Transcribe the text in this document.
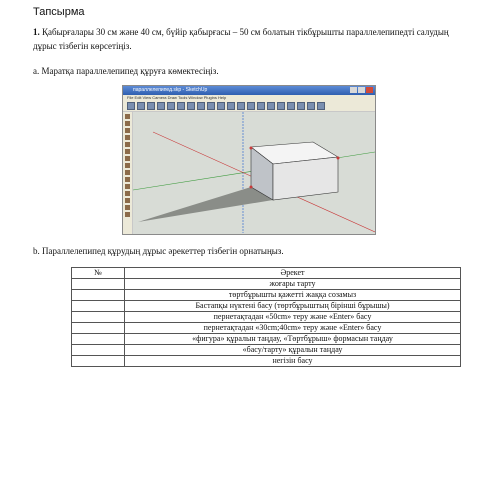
Тапсырма
1. Қабырғалары 30 см және 40 см, бүйір қабырғасы – 50 см болатын тікбұрышты параллелепипедті салудың дұрыс тізбегін көрсетіңіз.
a. Маратқа параллелепипед құруға көмектесіңіз.
параллелепипед.skp - SketchUp
File Edit View Camera Draw Tools Window Plugins Help
b. Параллелепипед құрудың дұрыс әрекеттер тізбегін орнатыңыз.
№	Әрекет
	жоғары тарту
	төртбұрышты қажетті жаққа созамыз
	Бастапқы нүктені басу (төртбұрыштың бірінші бұрышы)
	пернетақтадан «50cm» теру және «Enter» басу
	пернетақтадан «30cm;40cm» теру және «Enter» басу
	«фигура» құралын таңдау, «Төртбұрыш» формасын таңдау
	«басу/тарту» құралын таңдау
	негізін басу
